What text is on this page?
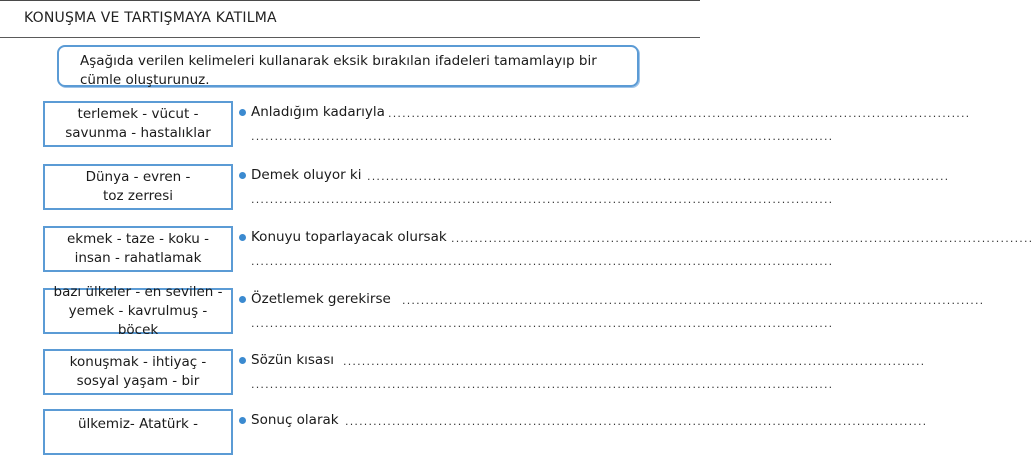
KONUŞMA VE TARTIŞMAYA KATILMA
Aşağıda verilen kelimeleri kullanarak eksik bırakılan ifadeleri tamamlayıp bir cümle oluşturunuz.
terlemek - vücut -
savunma - hastalıklar
Anladığım kadarıyla ............................................................................................................................
............................................................................................................................
Dünya - evren -
toz zerresi
Demek oluyor ki ............................................................................................................................
............................................................................................................................
ekmek - taze - koku -
insan - rahatlamak
Konuyu toparlayacak olursak ............................................................................................................................
............................................................................................................................
bazı ülkeler - en sevilen -
yemek - kavrulmuş - böcek
Özetlemek gerekirse ............................................................................................................................
............................................................................................................................
konuşmak - ihtiyaç -
sosyal yaşam - bir
Sözün kısası ............................................................................................................................
............................................................................................................................
ülkemiz- Atatürk -	Sonuç olarak ............................................................................................................................
